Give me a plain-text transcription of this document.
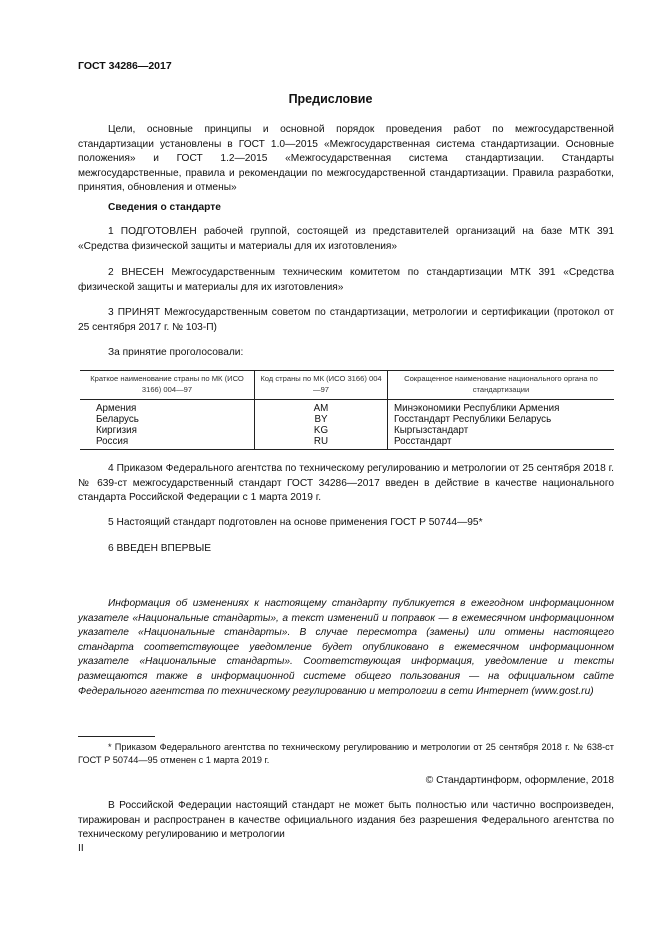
ГОСТ 34286—2017
Предисловие

Цели, основные принципы и основной порядок проведения работ по межгосударственной стандартизации установлены в ГОСТ 1.0—2015 «Межгосударственная система стандартизации. Основные положения» и ГОСТ 1.2—2015 «Межгосударственная система стандартизации. Стандарты межгосударственные, правила и рекомендации по межгосударственной стандартизации. Правила разработки, принятия, обновления и отмены»

Сведения о стандарте

1 ПОДГОТОВЛЕН рабочей группой, состоящей из представителей организаций на базе МТК 391 «Средства физической защиты и материалы для их изготовления»

2 ВНЕСЕН Межгосударственным техническим комитетом по стандартизации МТК 391 «Средства физической защиты и материалы для их изготовления»

3 ПРИНЯТ Межгосударственным советом по стандартизации, метрологии и сертификации (протокол от 25 сентября 2017 г. № 103-П)

За принятие проголосовали:

Краткое наименование страны по МК (ИСО 3166) 004—97	Код страны по МК (ИСО 3166) 004—97	Сокращенное наименование национального органа по стандартизации
Армения	AM	Минэкономики Республики Армения
Беларусь	BY	Госстандарт Республики Беларусь
Киргизия	KG	Кыргызстандарт
Россия	RU	Росстандарт

4 Приказом Федерального агентства по техническому регулированию и метрологии от 25 сентября 2018 г. № 639-ст межгосударственный стандарт ГОСТ 34286—2017 введен в действие в качестве национального стандарта Российской Федерации с 1 марта 2019 г.

5 Настоящий стандарт подготовлен на основе применения ГОСТ Р 50744—95*

6 ВВЕДЕН ВПЕРВЫЕ

Информация об изменениях к настоящему стандарту публикуется в ежегодном информационном указателе «Национальные стандарты», а текст изменений и поправок — в ежемесячном информационном указателе «Национальные стандарты». В случае пересмотра (замены) или отмены настоящего стандарта соответствующее уведомление будет опубликовано в ежемесячном информационном указателе «Национальные стандарты». Соответствующая информация, уведомление и тексты размещаются также в информационной системе общего пользования — на официальном сайте Федерального агентства по техническому регулированию и метрологии в сети Интернет (www.gost.ru)

* Приказом Федерального агентства по техническому регулированию и метрологии от 25 сентября 2018 г. № 638-ст ГОСТ Р 50744—95 отменен с 1 марта 2019 г.

© Стандартинформ, оформление, 2018

В Российской Федерации настоящий стандарт не может быть полностью или частично воспроизведен, тиражирован и распространен в качестве официального издания без разрешения Федерального агентства по техническому регулированию и метрологии

II
